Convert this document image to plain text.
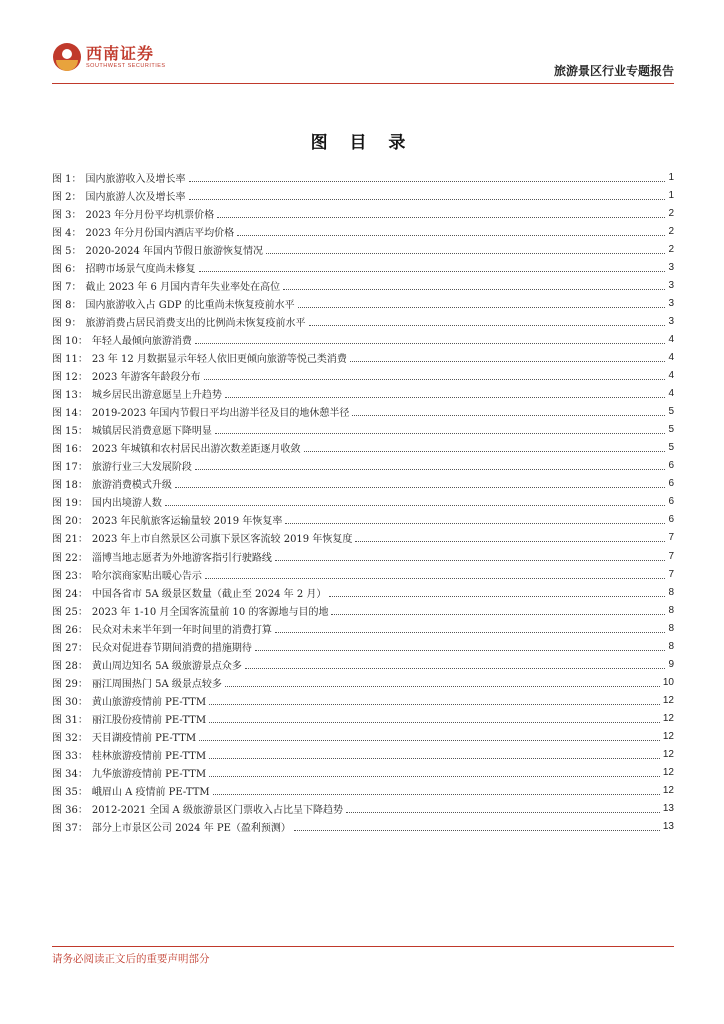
西南证券
SOUTHWEST SECURITIES	旅游景区行业专题报告
图 目 录
图 1： 国内旅游收入及增长率	1
图 2： 国内旅游人次及增长率	1
图 3： 2023 年分月份平均机票价格	2
图 4： 2023 年分月份国内酒店平均价格	2
图 5： 2020-2024 年国内节假日旅游恢复情况	2
图 6： 招聘市场景气度尚未修复	3
图 7： 截止 2023 年 6 月国内青年失业率处在高位	3
图 8： 国内旅游收入占 GDP 的比重尚未恢复疫前水平	3
图 9： 旅游消费占居民消费支出的比例尚未恢复疫前水平	3
图 10： 年轻人最倾向旅游消费	4
图 11： 23 年 12 月数据显示年轻人依旧更倾向旅游等悦己类消费	4
图 12： 2023 年游客年龄段分布	4
图 13： 城乡居民出游意愿呈上升趋势	4
图 14： 2019-2023 年国内节假日平均出游半径及目的地休憩半径	5
图 15： 城镇居民消费意愿下降明显	5
图 16： 2023 年城镇和农村居民出游次数差距逐月收敛	5
图 17： 旅游行业三大发展阶段	6
图 18： 旅游消费模式升级	6
图 19： 国内出境游人数	6
图 20： 2023 年民航旅客运输量较 2019 年恢复率	6
图 21： 2023 年上市自然景区公司旗下景区客流较 2019 年恢复度	7
图 22： 淄博当地志愿者为外地游客指引行驶路线	7
图 23： 哈尔滨商家贴出暖心告示	7
图 24： 中国各省市 5A 级景区数量（截止至 2024 年 2 月）	8
图 25： 2023 年 1-10 月全国客流量前 10 的客源地与目的地	8
图 26： 民众对未来半年到一年时间里的消费打算	8
图 27： 民众对促进春节期间消费的措施期待	8
图 28： 黄山周边知名 5A 级旅游景点众多	9
图 29： 丽江周围热门 5A 级景点较多	10
图 30： 黄山旅游疫情前 PE-TTM	12
图 31： 丽江股份疫情前 PE-TTM	12
图 32： 天目湖疫情前 PE-TTM	12
图 33： 桂林旅游疫情前 PE-TTM	12
图 34： 九华旅游疫情前 PE-TTM	12
图 35： 峨眉山 A 疫情前 PE-TTM	12
图 36： 2012-2021 全国 A 级旅游景区门票收入占比呈下降趋势	13
图 37： 部分上市景区公司 2024 年 PE（盈利预测）	13
请务必阅读正文后的重要声明部分
